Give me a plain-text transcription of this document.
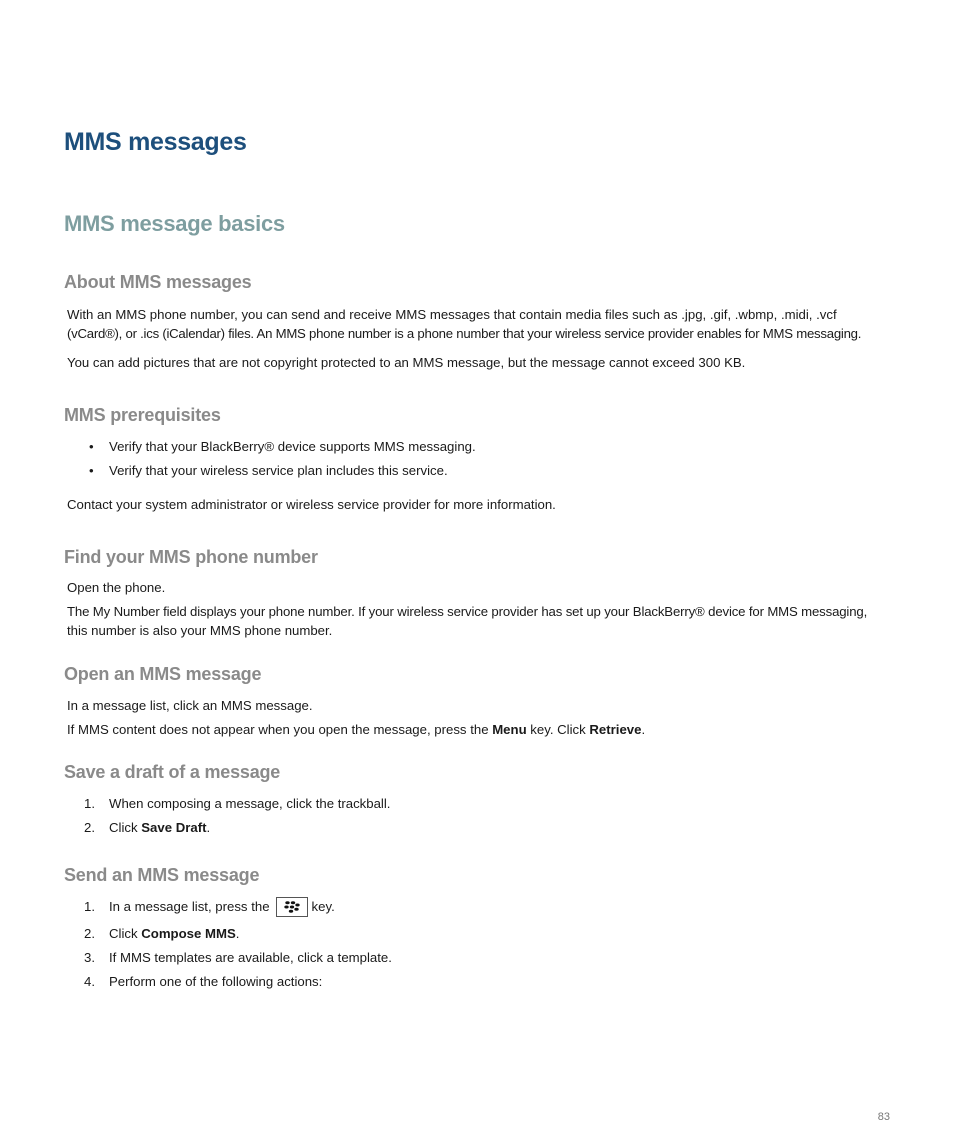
MMS messages
MMS message basics
About MMS messages

With an MMS phone number, you can send and receive MMS messages that contain media files such as .jpg, .gif, .wbmp, .midi, .vcf
(vCard®), or .ics (iCalendar) files. An MMS phone number is a phone number that your wireless service provider enables for MMS messaging.

You can add pictures that are not copyright protected to an MMS message, but the message cannot exceed 300 KB.

MMS prerequisites

• Verify that your BlackBerry® device supports MMS messaging.

• Verify that your wireless service plan includes this service.

Contact your system administrator or wireless service provider for more information.

Find your MMS phone number

Open the phone.

The My Number field displays your phone number. If your wireless service provider has set up your BlackBerry® device for MMS messaging,
this number is also your MMS phone number.

Open an MMS message

In a message list, click an MMS message.

If MMS content does not appear when you open the message, press the Menu key. Click Retrieve.

Save a draft of a message

1. When composing a message, click the trackball.

2. Click Save Draft.

Send an MMS message

1. In a message list, press the	key.

2. Click Compose MMS.

3. If MMS templates are available, click a template.

4. Perform one of the following actions:

83
